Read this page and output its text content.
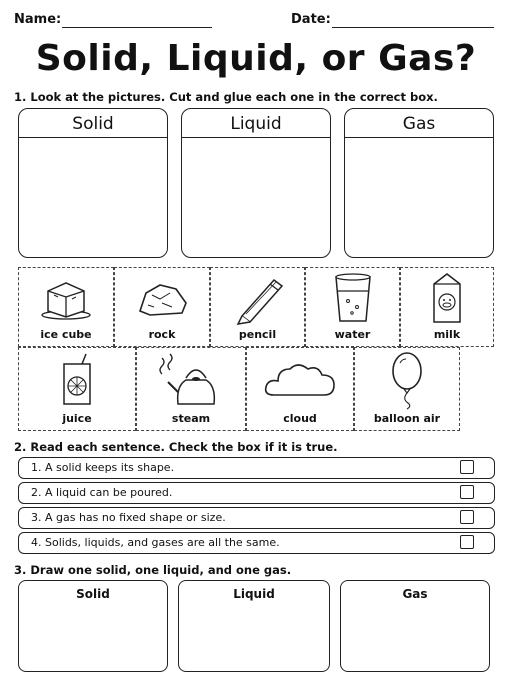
Name:	Date:
Solid, Liquid, or Gas?
1. Look at the pictures. Cut and glue each one in the correct box.
Solid	Liquid	Gas
ice cube	rock	pencil	water	milk
juice	steam	cloud	balloon air
2. Read each sentence. Check the box if it is true.
1. A solid keeps its shape.
2. A liquid can be poured.
3. A gas has no fixed shape or size.
4. Solids, liquids, and gases are all the same.
3. Draw one solid, one liquid, and one gas.
Solid	Liquid	Gas
